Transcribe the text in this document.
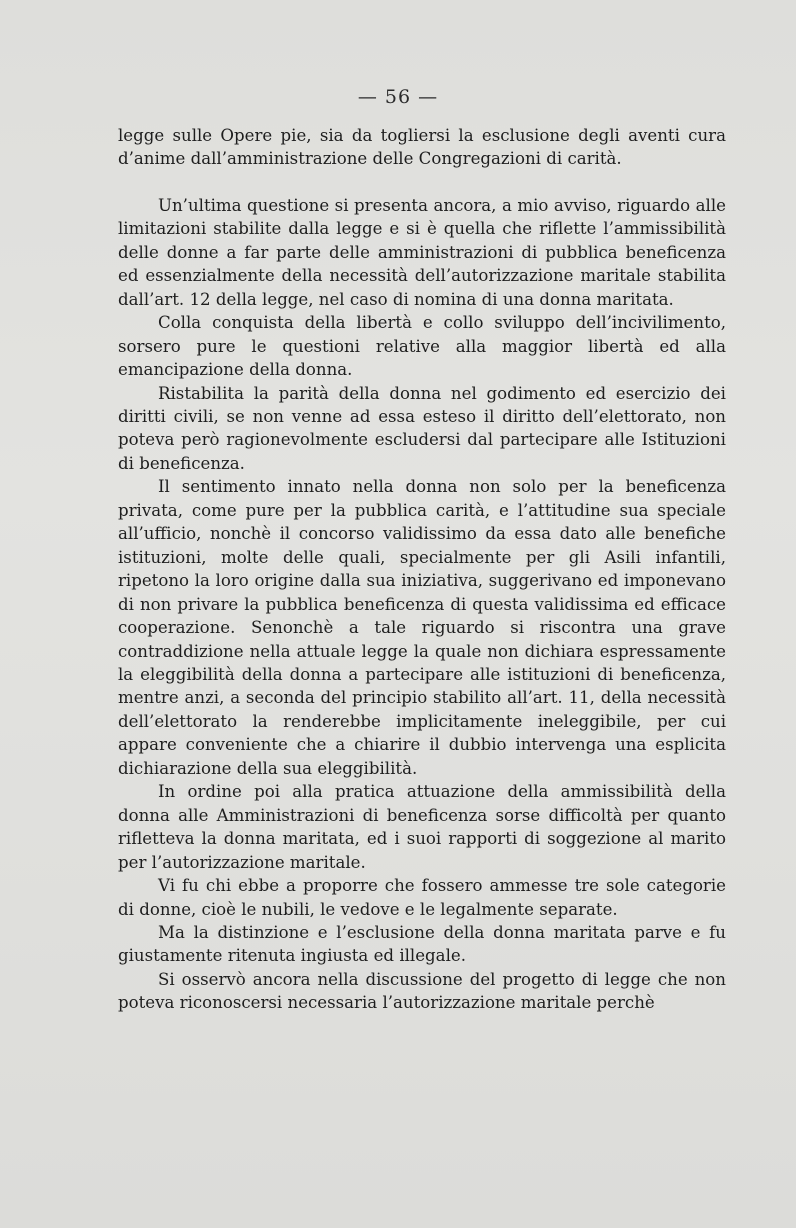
— 56 —

legge sulle Opere pie, sia da togliersi la esclusione degli aventi cura d’anime dall’amministrazione delle Congregazioni di carità.

Un’ultima questione si presenta ancora, a mio avviso, riguardo alle limitazioni stabilite dalla legge e si è quella che riflette l’ammissibilità delle donne a far parte delle amministrazioni di pubblica beneficenza ed essenzialmente della necessità dell’autorizzazione maritale stabilita dall’art. 12 della legge, nel caso di nomina di una donna maritata.

Colla conquista della libertà e collo sviluppo dell’incivilimento, sorsero pure le questioni relative alla maggior libertà ed alla emancipazione della donna.

Ristabilita la parità della donna nel godimento ed esercizio dei diritti civili, se non venne ad essa esteso il diritto dell’elettorato, non poteva però ragionevolmente escludersi dal partecipare alle Istituzioni di beneficenza.

Il sentimento innato nella donna non solo per la beneficenza privata, come pure per la pubblica carità, e l’attitudine sua speciale all’ufficio, nonchè il concorso validissimo da essa dato alle benefiche istituzioni, molte delle quali, specialmente per gli Asili infantili, ripetono la loro origine dalla sua iniziativa, suggerivano ed imponevano di non privare la pubblica beneficenza di questa validissima ed efficace cooperazione. Senonchè a tale riguardo si riscontra una grave contraddizione nella attuale legge la quale non dichiara espressamente la eleggibilità della donna a partecipare alle istituzioni di beneficenza, mentre anzi, a seconda del principio stabilito all’art. 11, della necessità dell’elettorato la renderebbe implicitamente ineleggibile, per cui appare conveniente che a chiarire il dubbio intervenga una esplicita dichiarazione della sua eleggibilità.

In ordine poi alla pratica attuazione della ammissibilità della donna alle Amministrazioni di beneficenza sorse difficoltà per quanto rifletteva la donna maritata, ed i suoi rapporti di soggezione al marito per l’autorizzazione maritale.

Vi fu chi ebbe a proporre che fossero ammesse tre sole categorie di donne, cioè le nubili, le vedove e le legalmente separate.

Ma la distinzione e l’esclusione della donna maritata parve e fu giustamente ritenuta ingiusta ed illegale.

Si osservò ancora nella discussione del progetto di legge che non poteva riconoscersi necessaria l’autorizzazione maritale perchè
